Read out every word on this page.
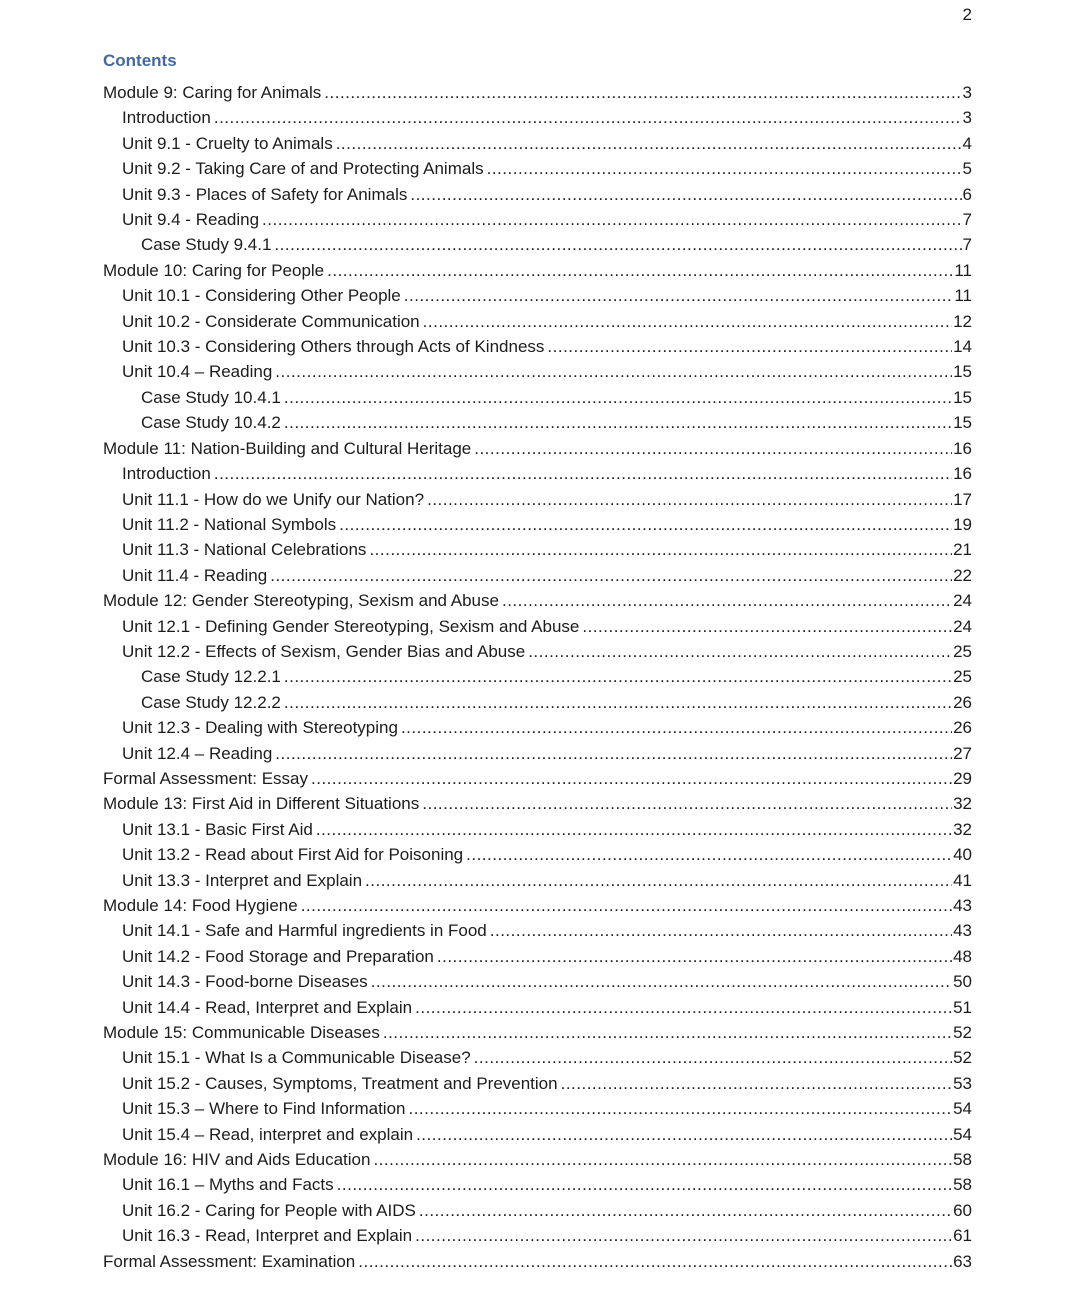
2
Contents
Module 9: Caring for Animals .....	3
Introduction .....	3
Unit 9.1 - Cruelty to Animals .....	4
Unit 9.2 - Taking Care of and Protecting Animals .....	5
Unit 9.3 - Places of Safety for Animals .....	6
Unit 9.4 - Reading .....	7
Case Study 9.4.1 .....	7
Module 10: Caring for People .....	11
Unit 10.1 - Considering Other People .....	11
Unit 10.2 - Considerate Communication .....	12
Unit 10.3 - Considering Others through Acts of Kindness .....	14
Unit 10.4 – Reading .....	15
Case Study 10.4.1 .....	15
Case Study 10.4.2 .....	15
Module 11: Nation-Building and Cultural Heritage .....	16
Introduction .....	16
Unit 11.1 - How do we Unify our Nation? .....	17
Unit 11.2 - National Symbols .....	19
Unit 11.3 - National Celebrations .....	21
Unit 11.4 - Reading .....	22
Module 12: Gender Stereotyping, Sexism and Abuse .....	24
Unit 12.1 - Defining Gender Stereotyping, Sexism and Abuse .....	24
Unit 12.2 - Effects of Sexism, Gender Bias and Abuse .....	25
Case Study 12.2.1 .....	25
Case Study 12.2.2 .....	26
Unit 12.3 - Dealing with Stereotyping .....	26
Unit 12.4 – Reading .....	27
Formal Assessment: Essay .....	29
Module 13: First Aid in Different Situations .....	32
Unit 13.1 - Basic First Aid .....	32
Unit 13.2 - Read about First Aid for Poisoning .....	40
Unit 13.3 - Interpret and Explain .....	41
Module 14: Food Hygiene .....	43
Unit 14.1 - Safe and Harmful ingredients in Food .....	43
Unit 14.2 - Food Storage and Preparation .....	48
Unit 14.3 - Food-borne Diseases .....	50
Unit 14.4 - Read, Interpret and Explain .....	51
Module 15: Communicable Diseases .....	52
Unit 15.1 - What Is a Communicable Disease? .....	52
Unit 15.2 - Causes, Symptoms, Treatment and Prevention .....	53
Unit 15.3 – Where to Find Information .....	54
Unit 15.4 – Read, interpret and explain .....	54
Module 16: HIV and Aids Education .....	58
Unit 16.1 – Myths and Facts .....	58
Unit 16.2 - Caring for People with AIDS .....	60
Unit 16.3 - Read, Interpret and Explain .....	61
Formal Assessment: Examination .....	63
